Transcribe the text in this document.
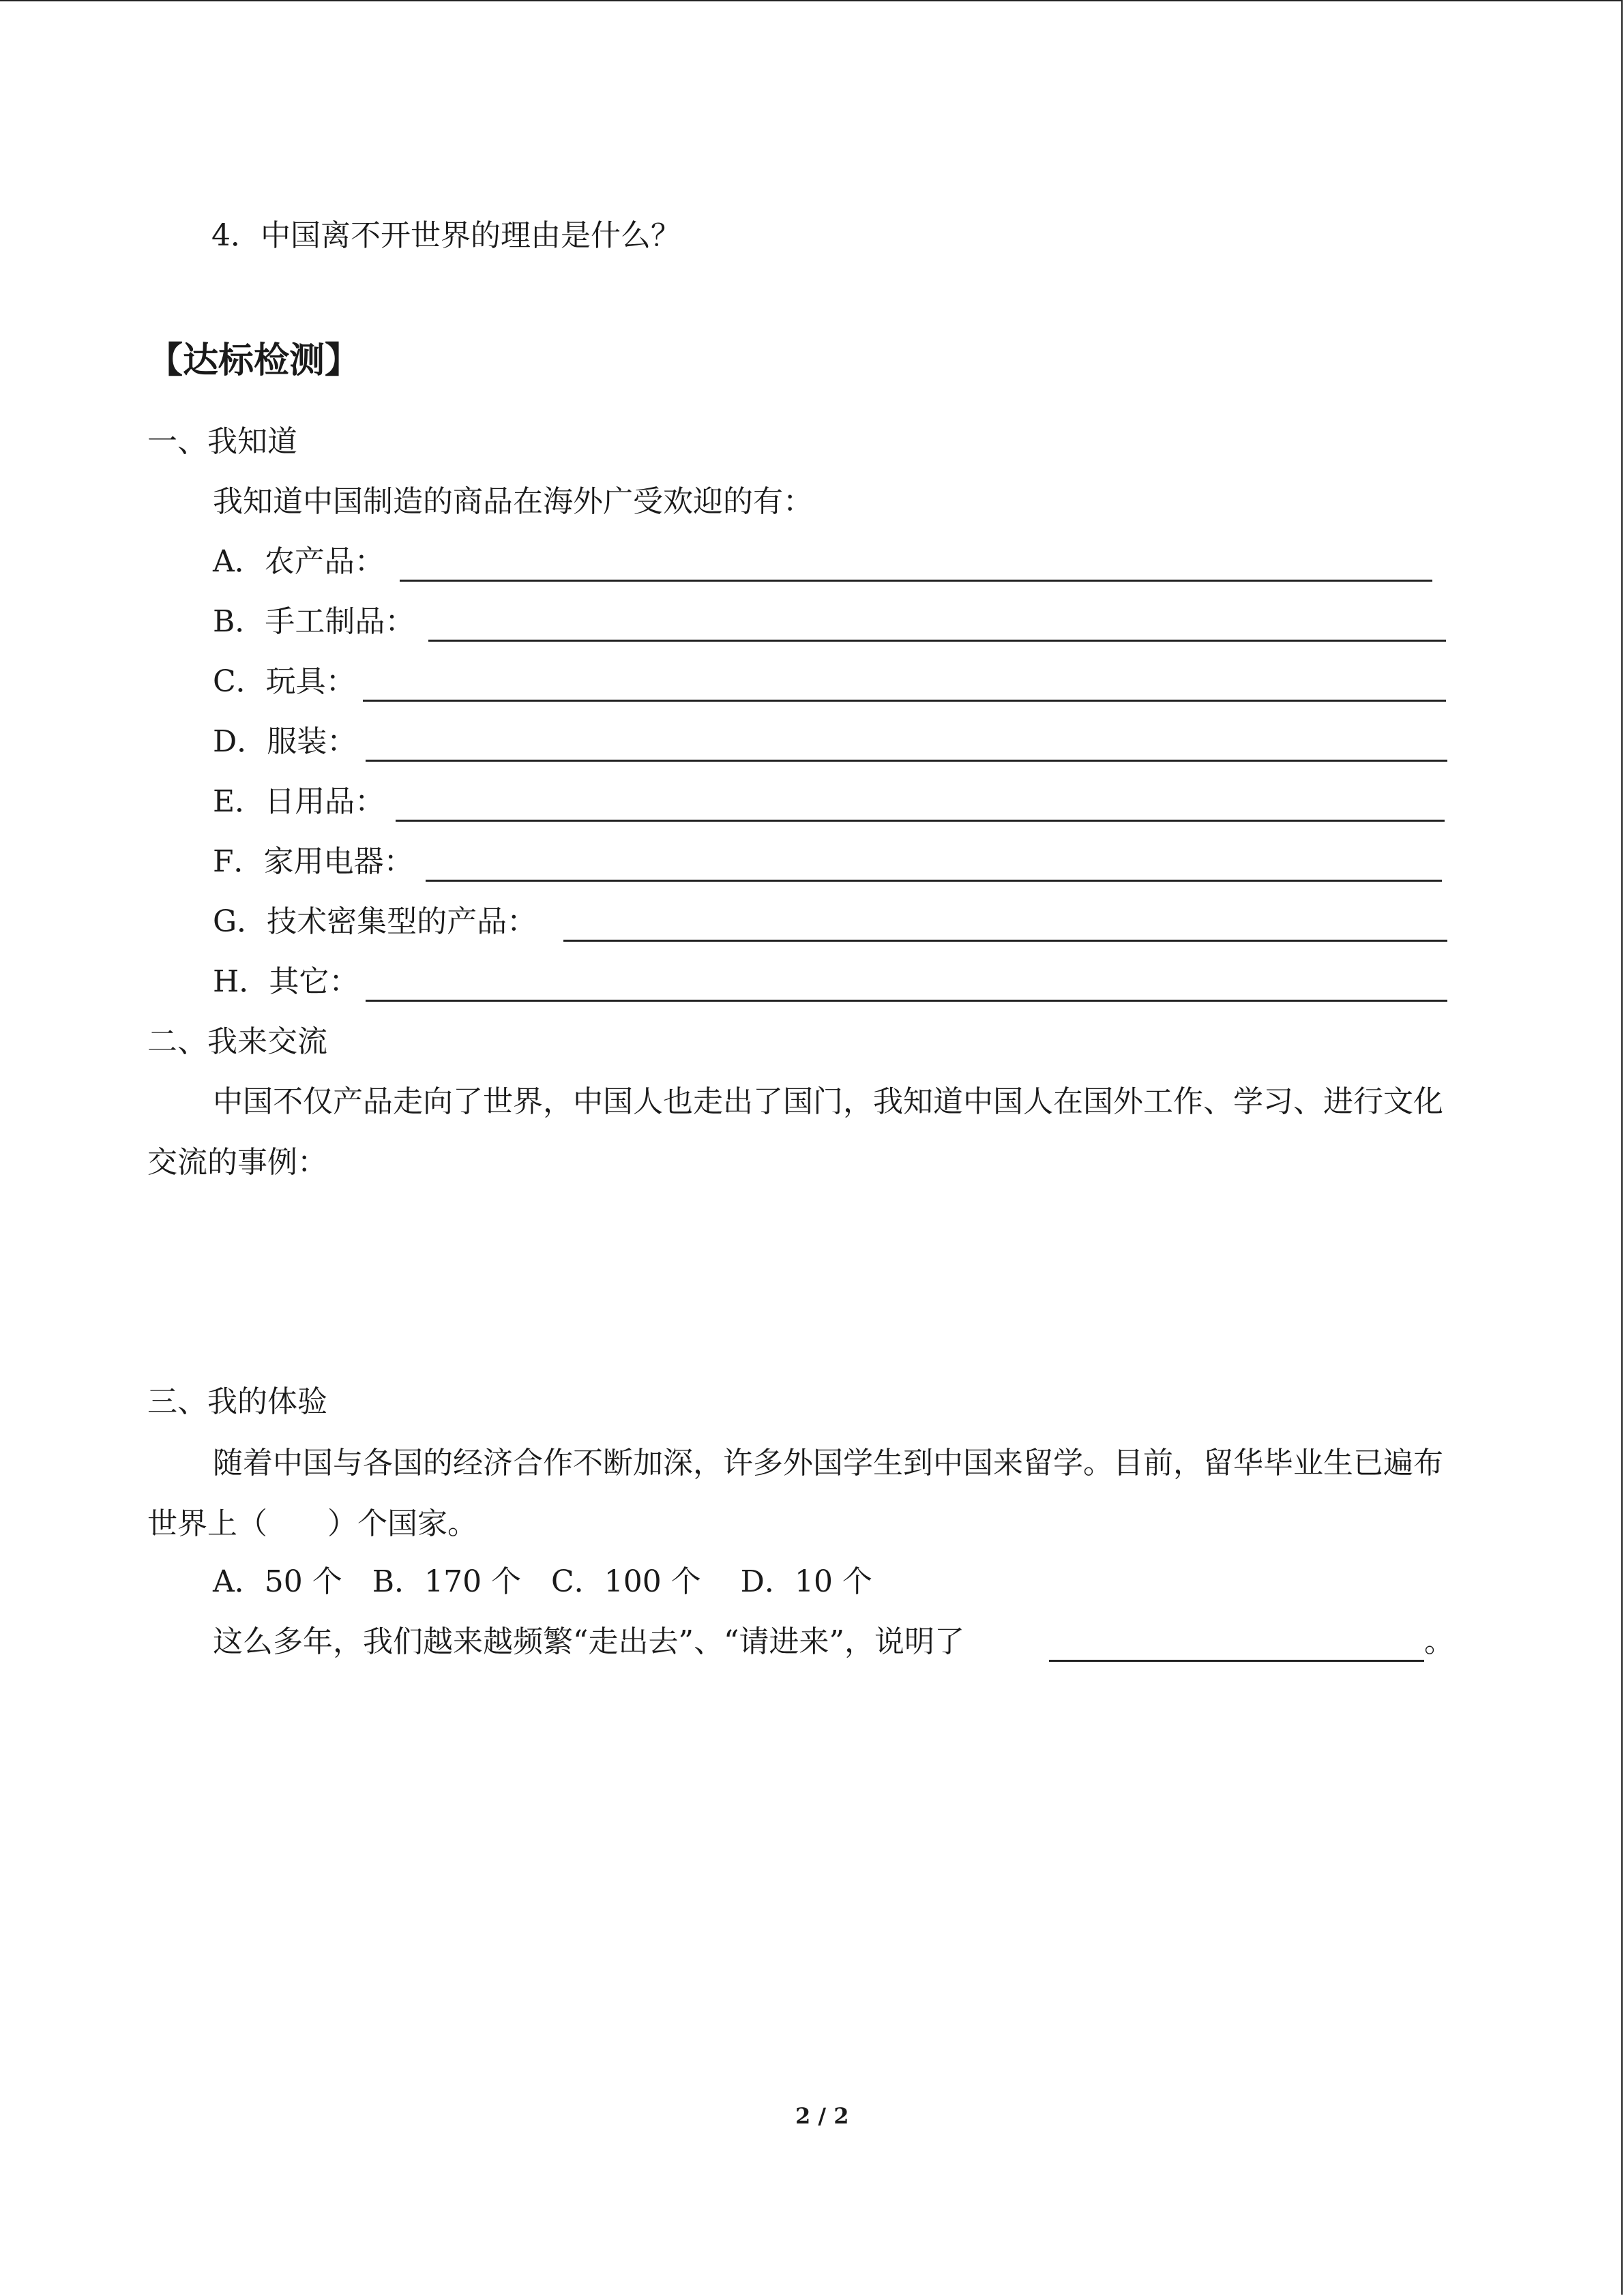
4．中国离不开世界的理由是什么？
【达标检测】
一、我知道
我知道中国制造的商品在海外广受欢迎的有：
A．农产品：
B．手工制品：
C．玩具：
D．服装：
E．日用品：
F．家用电器：
G．技术密集型的产品：
H．其它：
二、我来交流
中国不仅产品走向了世界，中国人也走出了国门，我知道中国人在国外工作、学习、进行文化交流的事例：
三、我的体验
随着中国与各国的经济合作不断加深，许多外国学生到中国来留学。目前，留华毕业生已遍布世界上（　　）个国家。
A．50 个　B．170 个　C．100 个　 D．10 个
这么多年，我们越来越频繁“走出去”、“请进来”，说明了	。
2 / 2
